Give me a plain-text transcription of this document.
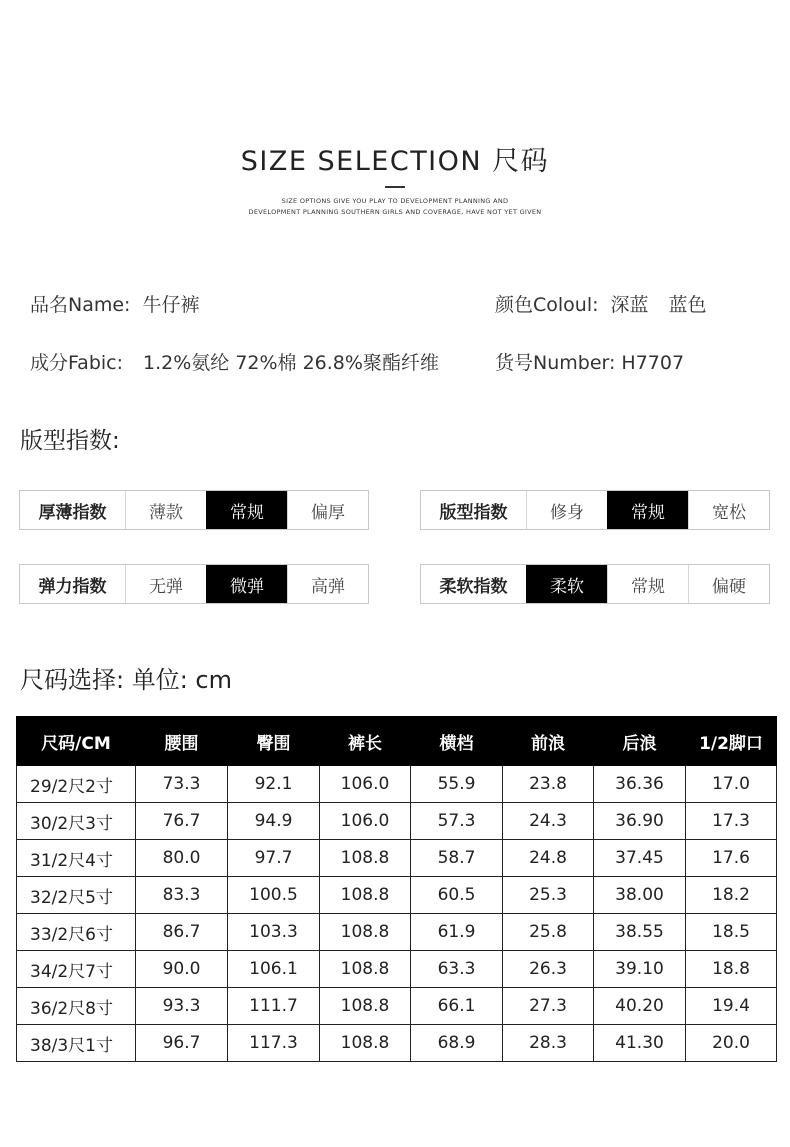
SIZE SELECTION 尺码
SIZE OPTIONS GIVE YOU PLAY TO DEVELOPMENT PLANNING AND
DEVELOPMENT PLANNING SOUTHERN GIRLS AND COVERAGE, HAVE NOT YET GIVEN
品名Name: 牛仔裤	颜色Coloul: 深蓝 蓝色
成分Fabic: 1.2%氨纶 72%棉 26.8%聚酯纤维	货号Number: H7707
版型指数:
厚薄指数	薄款	常规	偏厚	版型指数	修身	常规	宽松
弹力指数	无弹	微弹	高弹	柔软指数	柔软	常规	偏硬
尺码选择: 单位: cm
尺码/CM	腰围	臀围	裤长	横档	前浪	后浪	1/2脚口
29/2尺2寸	73.3	92.1	106.0	55.9	23.8	36.36	17.0
30/2尺3寸	76.7	94.9	106.0	57.3	24.3	36.90	17.3
31/2尺4寸	80.0	97.7	108.8	58.7	24.8	37.45	17.6
32/2尺5寸	83.3	100.5	108.8	60.5	25.3	38.00	18.2
33/2尺6寸	86.7	103.3	108.8	61.9	25.8	38.55	18.5
34/2尺7寸	90.0	106.1	108.8	63.3	26.3	39.10	18.8
36/2尺8寸	93.3	111.7	108.8	66.1	27.3	40.20	19.4
38/3尺1寸	96.7	117.3	108.8	68.9	28.3	41.30	20.0
